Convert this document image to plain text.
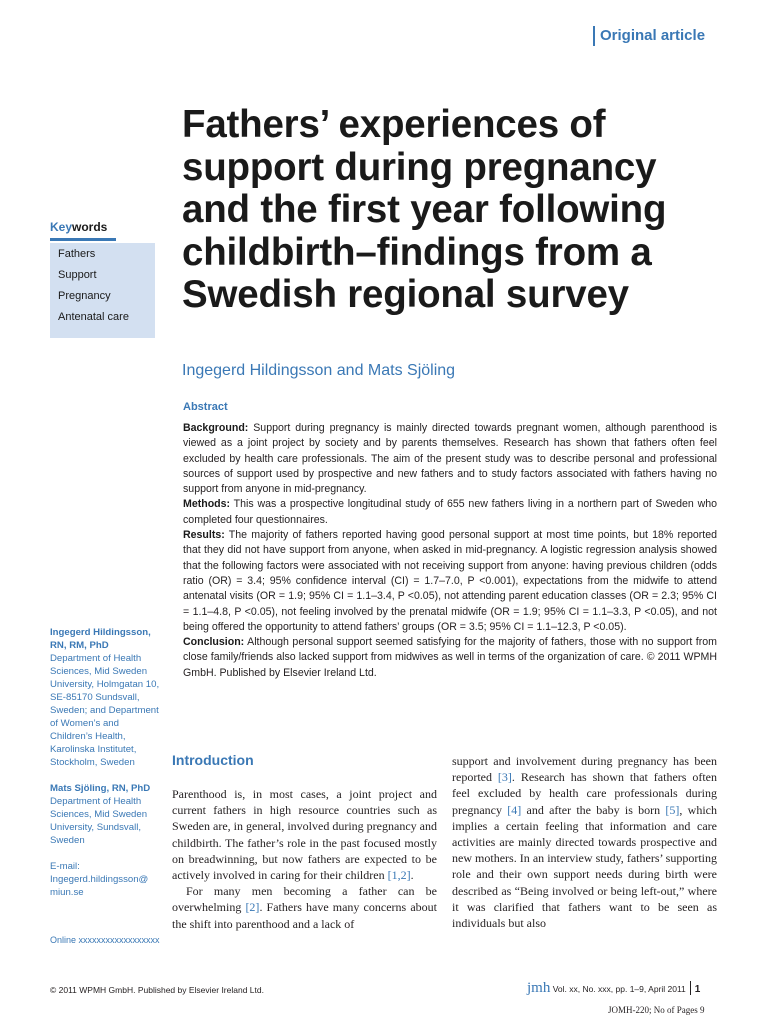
Original article
Fathers’ experiences of
support during pregnancy
and the first year following
childbirth–findings from a
Swedish regional survey
Keywords
Fathers
Support
Pregnancy
Antenatal care
Ingegerd Hildingsson and Mats Sjöling
Abstract

Background: Support during pregnancy is mainly directed towards pregnant women, although parenthood is viewed as a joint project by society and by parents themselves. Research has shown that fathers often feel excluded by health care professionals. The aim of the present study was to describe personal and professional sources of support used by prospective and new fathers and to study factors associated with fathers having no support from anyone in mid-pregnancy.

Methods: This was a prospective longitudinal study of 655 new fathers living in a northern part of Sweden who completed four questionnaires.

Results: The majority of fathers reported having good personal support at most time points, but 18% reported that they did not have support from anyone, when asked in mid-pregnancy. A logistic regression analysis showed that the following factors were associated with not receiving support from anyone: having previous children (odds ratio (OR) = 3.4; 95% confidence interval (CI) = 1.7–7.0, P <0.001), expectations from the midwife to attend antenatal visits (OR = 1.9; 95% CI = 1.1–3.4, P <0.05), not attending parent education classes (OR = 2.3; 95% CI = 1.1–4.8, P <0.05), not feeling involved by the prenatal midwife (OR = 1.9; 95% CI = 1.1–3.3, P <0.05), and not being offered the opportunity to attend fathers’ groups (OR = 3.5; 95% CI = 1.1–12.3, P <0.05).

Conclusion: Although personal support seemed satisfying for the majority of fathers, those with no support from close family/friends also lacked support from midwives as well in terms of the organization of care. © 2011 WPMH GmbH. Published by Elsevier Ireland Ltd.

Ingegerd Hildingsson, RN, RM, PhD
Department of Health Sciences, Mid Sweden University, Holmgatan 10, SE-85170 Sundsvall, Sweden; and Department of Women’s and Children’s Health, Karolinska Institutet, Stockholm, Sweden
Mats Sjöling, RN, PhD
Department of Health Sciences, Mid Sweden University, Sundsvall, Sweden
E-mail:
Ingegerd.hildingsson@ miun.se
Online xxxxxxxxxxxxxxxxxx
Introduction

Parenthood is, in most cases, a joint project and current fathers in high resource countries such as Sweden are, in general, involved during pregnancy and childbirth. The father’s role in the past focused mostly on breadwinning, but now fathers are expected to be actively involved in caring for their children [1,2].

For many men becoming a father can be overwhelming [2]. Fathers have many concerns about the shift into parenthood and a lack of

support and involvement during pregnancy has been reported [3]. Research has shown that fathers often feel excluded by health care professionals during pregnancy [4] and after the baby is born [5], which implies a certain feeling that information and care activities are mainly directed towards prospective and new mothers. In an interview study, fathers’ supporting role and their own support needs during birth were described as “Being involved or being left-out,” where it was clarified that fathers want to be seen as individuals but also

© 2011 WPMH GmbH. Published by Elsevier Ireland Ltd.	jmh Vol. xx, No. xxx, pp. 1–9, April 2011 1
JOMH-220; No of Pages 9
